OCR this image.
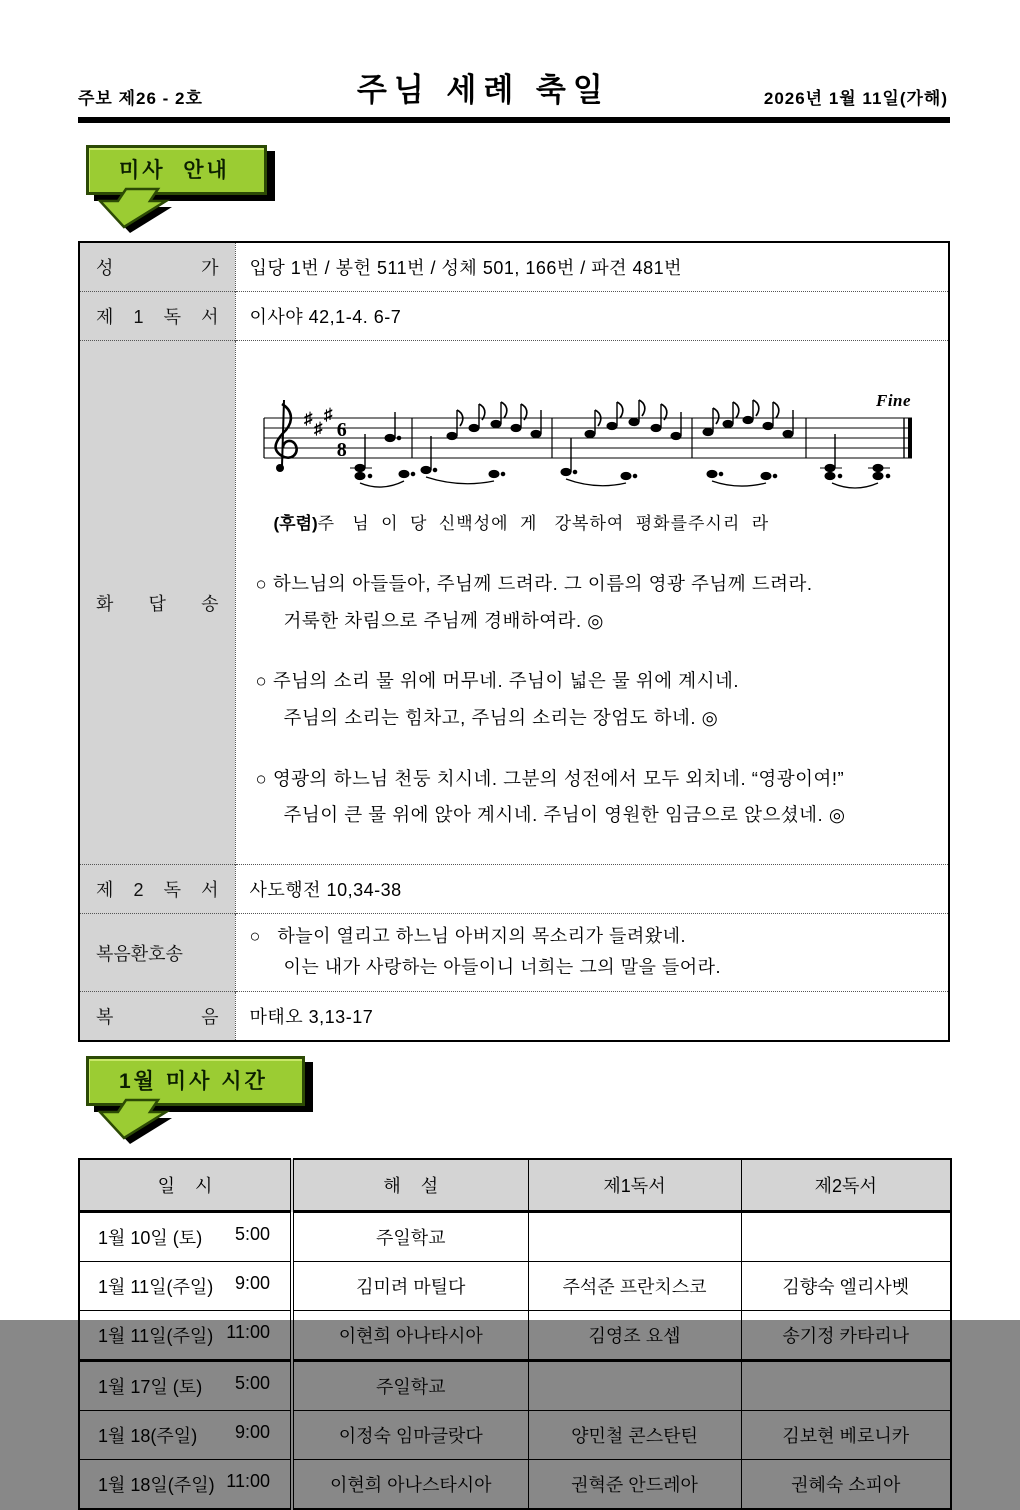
주보 제26 - 2호	주님 세례 축일	2026년 1월 11일(가해)
미사  안내
성 가	입당 1번 / 봉헌 511번 / 성체 501, 166번 / 파견 481번
제 1 독 서	이사야 42,1-4. 6-7
화 답 송	
♯
♯
♯
6
8
Fine
(후렴)주   님  이  당  신백성에  게   강복하여  평화를주시리  라
○ 하느님의 아들들아, 주님께 드려라. 그 이름의 영광 주님께 드려라.
거룩한 차림으로 주님께 경배하여라. ◎
○ 주님의 소리 물 위에 머무네. 주님이 넓은 물 위에 계시네.
주님의 소리는 힘차고, 주님의 소리는 장엄도 하네. ◎
○ 영광의 하느님 천둥 치시네. 그분의 성전에서 모두 외치네. “영광이여!”
주님이 큰 물 위에 앉아 계시네. 주님이 영원한 임금으로 앉으셨네. ◎

제 2 독 서	사도행전 10,34-38
복음환호송	○   하늘이 열리고 하느님 아버지의 목소리가 들려왔네.
이는 내가 사랑하는 아들이니 너희는 그의 말을 들어라.

복 음	마태오 3,13-17
1월 미사 시간
일    시	해    설	제1독서	제2독서

1월 10일 (토) 5:00	주일학교		

1월 11일(주일) 9:00	김미려 마틸다	주석준 프란치스코	김향숙 엘리사벳

1월 11일(주일) 11:00	이현희 아나타시아	김영조 요셉	송기정 카타리나

1월 17일 (토) 5:00	주일학교		

1월 18(주일) 9:00	이정숙 임마글랏다	양민철 콘스탄틴	김보현 베로니카

1월 18일(주일) 11:00	이현희 아나스타시아	권혁준 안드레아	권혜숙 소피아
